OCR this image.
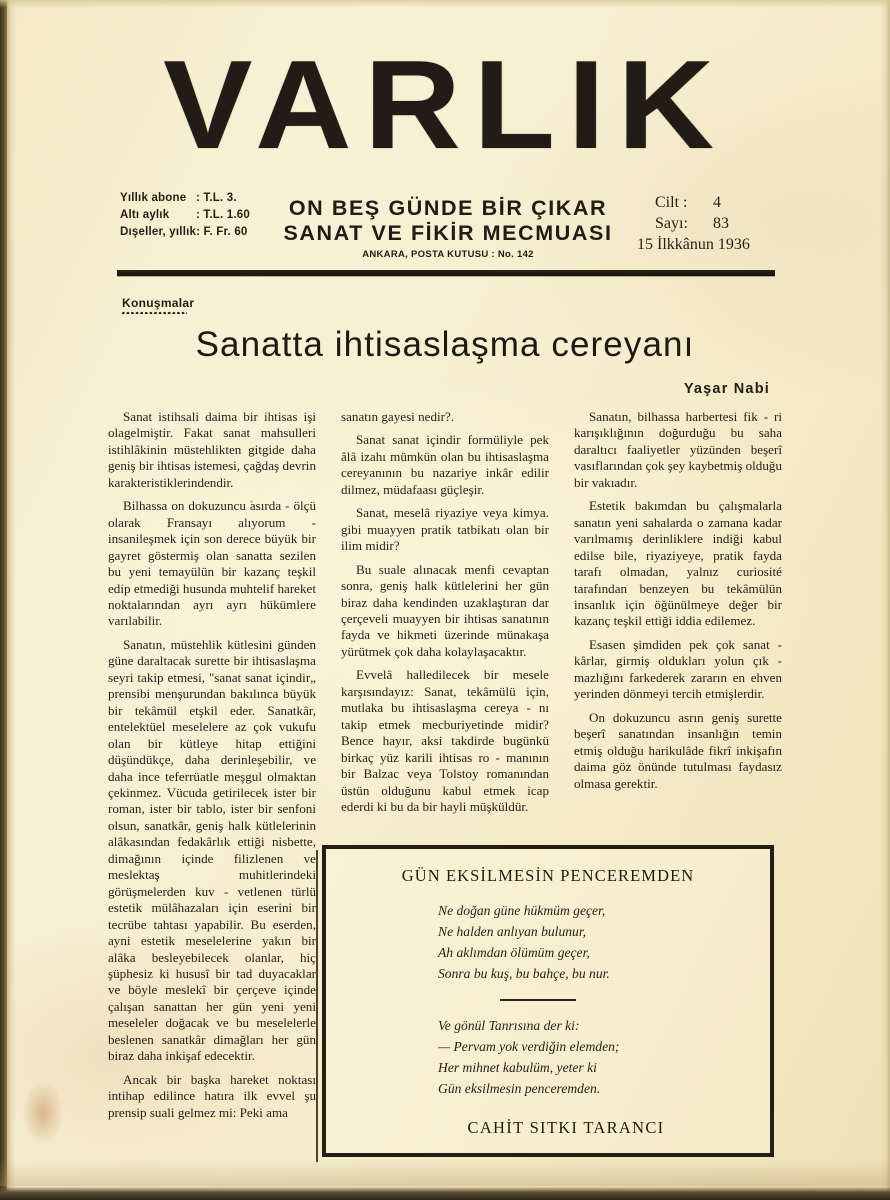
VARLIK
Yıllık abone : T.L. 3.
Altı aylık : T.L. 1.60
Dışeller, yıllık: F. Fr. 60
ON BEŞ GÜNDE BİR ÇIKAR
SANAT VE FİKİR MECMUASI
ANKARA, POSTA KUTUSU : No. 142
Cilt : 4
Sayı: 83
15 İlkkânun 1936
Konuşmalar
Sanatta ihtisaslaşma cereyanı
Yaşar Nabi

Sanat istihsali daima bir ihtisas işi olagelmiştir. Fakat sanat mahsulleri istihlâkinin müstehlikten gitgide daha geniş bir ihtisas istemesi, çağdaş devrin karakteristiklerindendir.

Bilhassa on dokuzuncu asırda - ölçü olarak Fransayı alıyorum - insanileşmek için son derece büyük bir gayret göstermiş olan sanatta sezilen bu yeni temayülün bir kazanç teşkil edip etmediği husunda muhtelif hareket noktalarından ayrı ayrı hükümlere varılabilir.

Sanatın, müstehlik kütlesini günden güne daraltacak surette bir ihtisaslaşma seyri takip etmesi, "sanat sanat içindir„ prensibi menşurundan bakılınca büyük bir tekâmül etşkil eder. Sanatkâr, entelektüel meselelere az çok vukufu olan bir kütleye hitap ettiğini düşündükçe, daha derinleşebilir, ve daha ince teferrüatle meşgul olmaktan çekinmez. Vücuda getirilecek ister bir roman, ister bir tablo, ister bir senfoni olsun, sanatkâr, geniş halk kütlelerinin alâkasından fedakârlık ettiği nisbette, dimağının içinde filizlenen ve meslektaş muhitlerindeki görüşmelerden kuv - vetlenen türlü estetik mülâhazaları için eserini bir tecrübe tahtası yapabilir. Bu eserden, ayni estetik meselelerine yakın bir alâka besleyebilecek olanlar, hiç şüphesiz ki hususî bir tad duyacaklar ve böyle meslekî bir çerçeve içinde çalışan sanattan her gün yeni yeni meseleler doğacak ve bu meselelerle beslenen sanatkâr dimağları her gün biraz daha inkişaf edecektir.

Ancak bir başka hareket noktası intihap edilince hatıra ilk evvel şu prensip suali gelmez mi: Peki ama

sanatın gayesi nedir?.

Sanat sanat içindir formüliyle pek âlâ izahı mümkün olan bu ihtisaslaşma cereyanının bu nazariye inkâr edilir dilmez, müdafaası güçleşir.

Sanat, meselâ riyaziye veya kimya. gibi muayyen pratik tatbikatı olan bir ilim midir?

Bu suale alınacak menfi cevaptan sonra, geniş halk kütlelerini her gün biraz daha kendinden uzaklaştıran dar çerçeveli muayyen bir ihtisas sanatının fayda ve hikmeti üzerinde münakaşa yürütmek çok daha kolaylaşacaktır.

Evvelâ halledilecek bir mesele karşısındayız: Sanat, tekâmülü için, mutlaka bu ihtisaslaşma cereya - nı takip etmek mecburiyetinde midir? Bence hayır, aksi takdirde bugünkü birkaç yüz karili ihtisas ro - manının bir Balzac veya Tolstoy romanından üstün olduğunu kabul etmek icap ederdi ki bu da bir hayli müşküldür.

Sanatın, bilhassa harbertesi fik - ri karışıklığının doğurduğu bu saha daraltıcı faaliyetler yüzünden beşerî vasıflarından çok şey kaybetmiş olduğu bir vakıadır.

Estetik bakımdan bu çalışmalarla sanatın yeni sahalarda o zamana kadar varılmamış derinliklere indiği kabul edilse bile, riyaziyeye, pratik fayda tarafı olmadan, yalnız curiosité tarafından benzeyen bu tekâmülün insanlık için öğünülmeye değer bir kazanç teşkil ettiği iddia edilemez.

Esasen şimdiden pek çok sanat - kârlar, girmiş oldukları yolun çık - mazlığını farkederek zararın en ehven yerinden dönmeyi tercih etmişlerdir.

On dokuzuncu asrın geniş surette beşerî sanatından insanlığın temin etmiş olduğu harikulâde fikrî inkişafın daima göz önünde tutulması faydasız olmasa gerektir.

GÜN EKSİLMESİN PENCEREMDEN
Ne doğan güne hükmüm geçer,
Ne halden anlıyan bulunur,
Ah aklımdan ölümüm geçer,
Sonra bu kuş, bu bahçe, bu nur.
Ve gönül Tanrısına der ki:
— Pervam yok verdiğin elemden;
Her mihnet kabulüm, yeter ki
Gün eksilmesin penceremden.
CAHİT SITKI TARANCI
